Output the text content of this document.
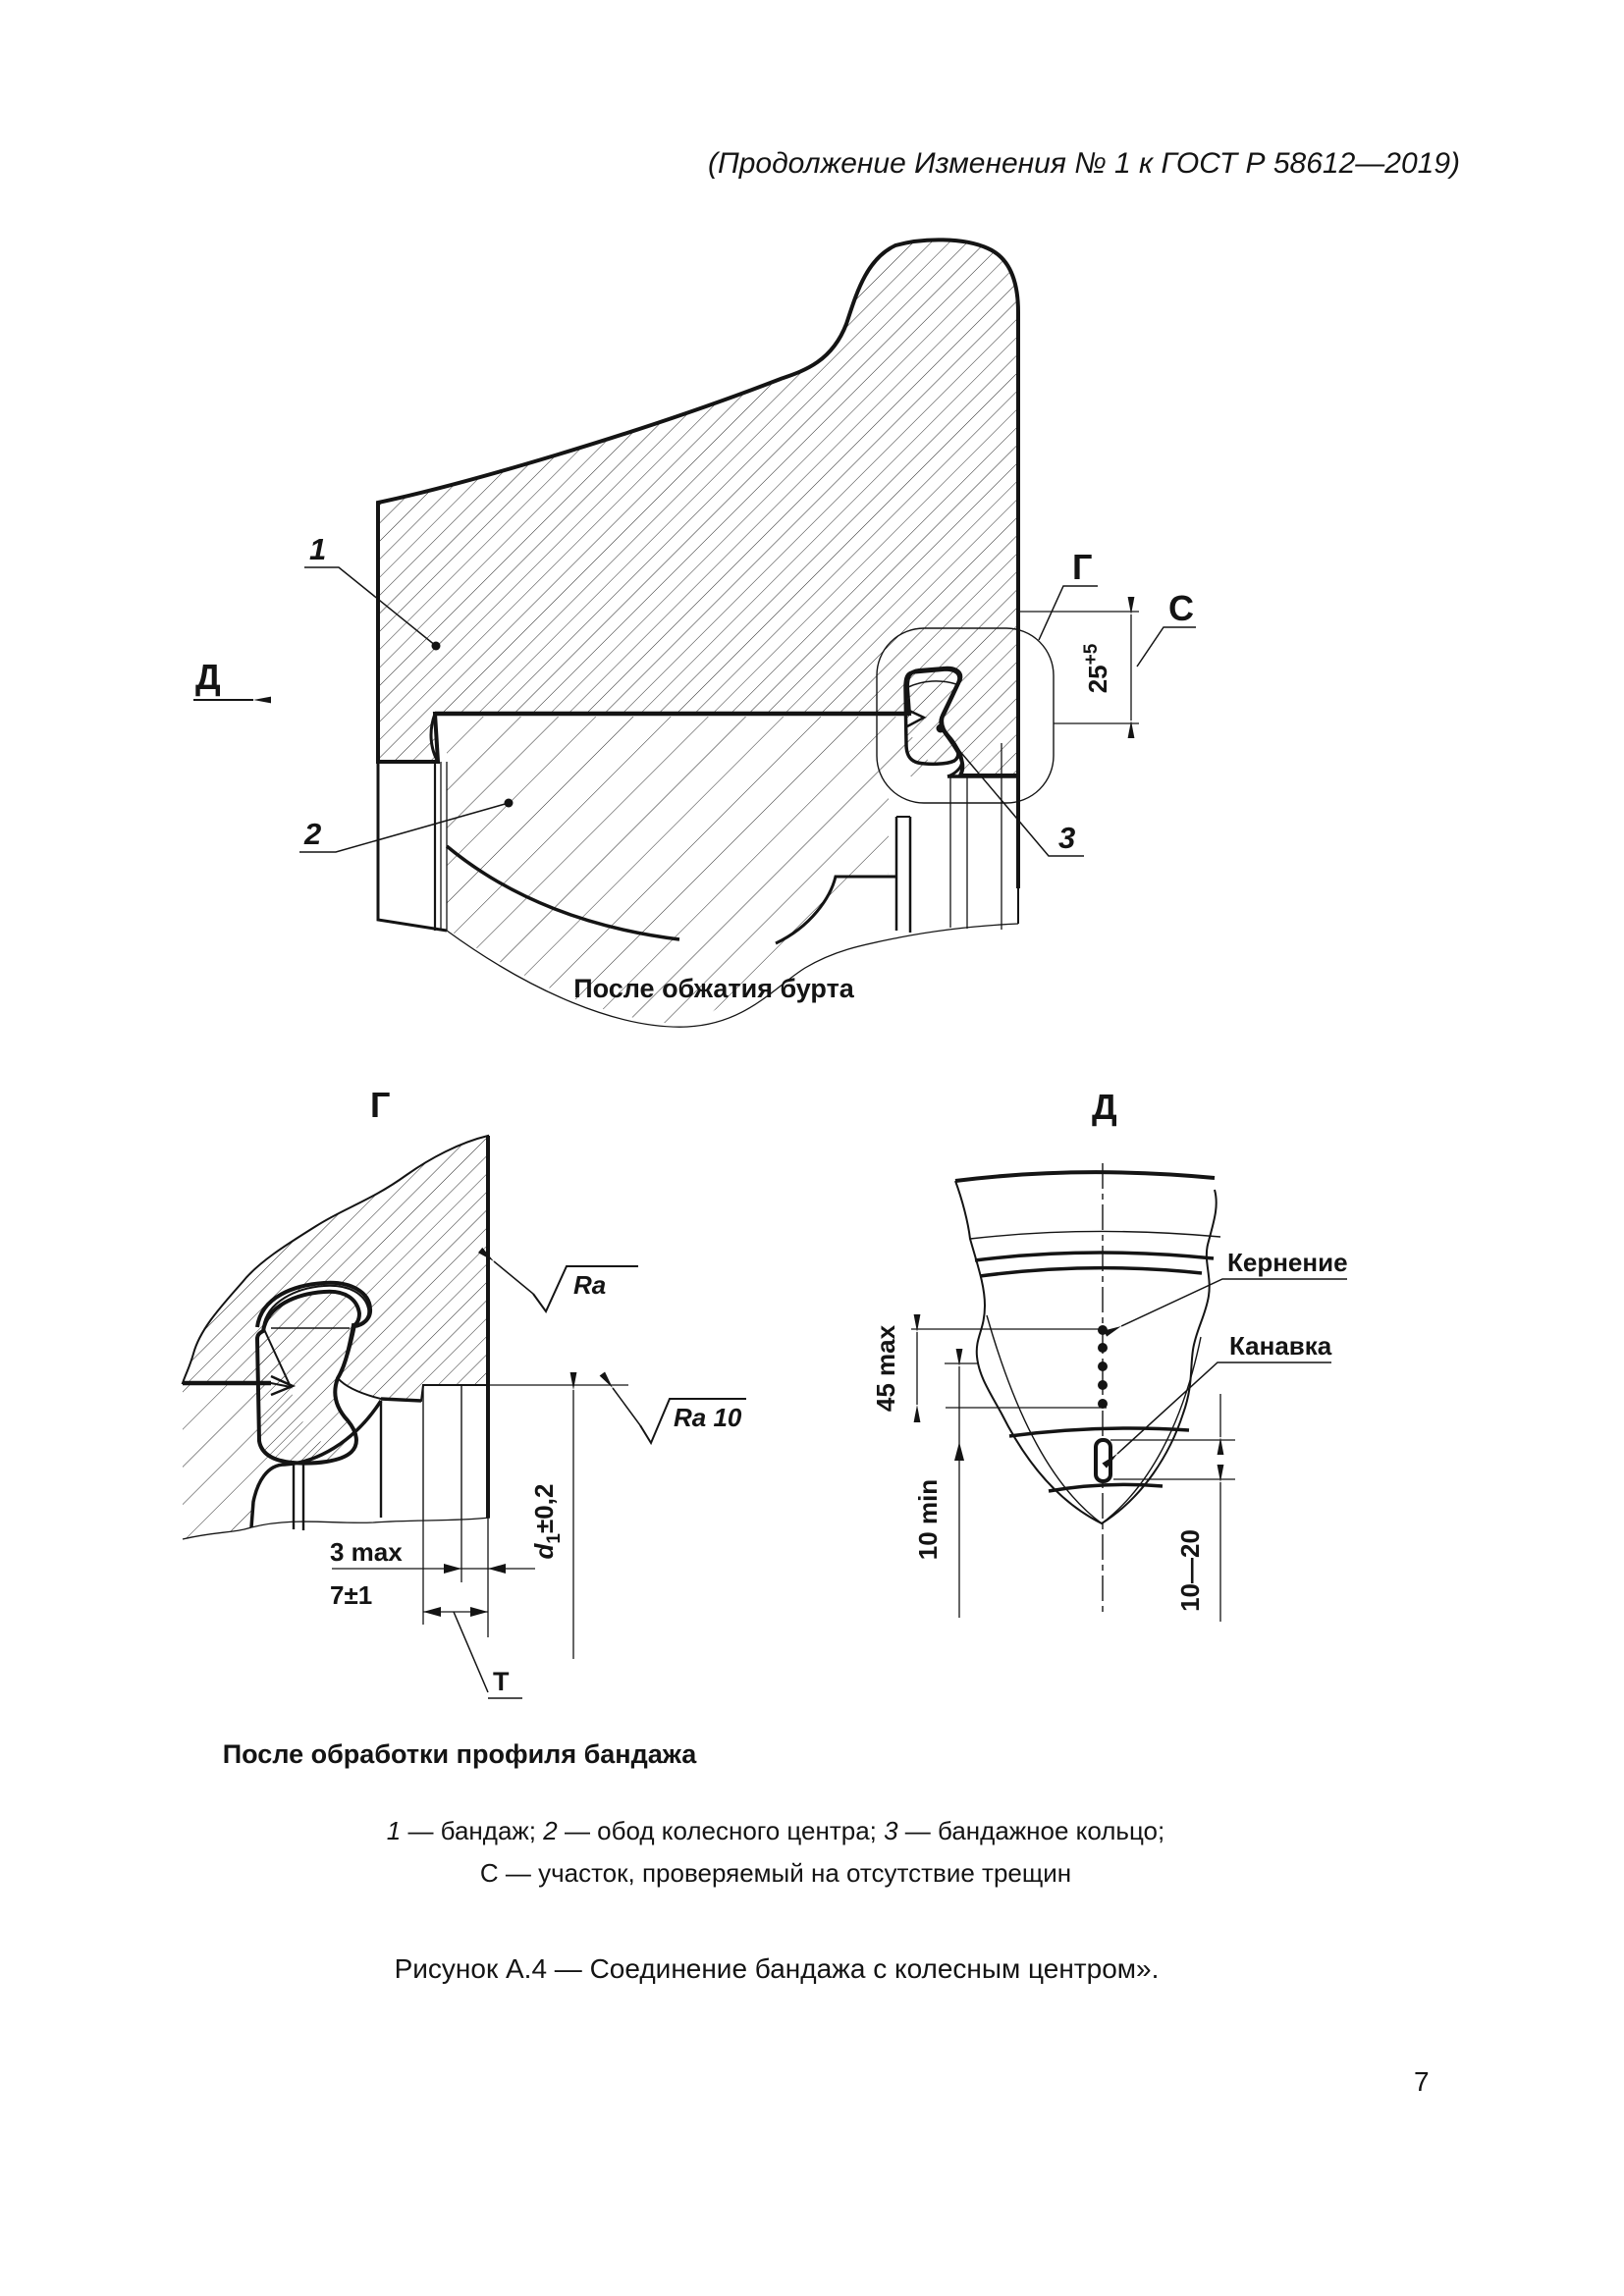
Д
1
2	3
Г
С
$25^{+5}$
Г
Ra
Ra 10
$d_1\pm 0,2$
3 max
7±1
Т
Д
Кернение
Канавка
45 max
10 min
10—20
(Продолжение Изменения № 1 к ГОСТ Р 58612—2019)
После обжатия бурта
После обработки профиля бандажа
1 — бандаж; 2 — обод колесного центра; 3 — бандажное кольцо;
С — участок, проверяемый на отсутствие трещин
Рисунок А.4 — Соединение бандажа с колесным центром».
7
